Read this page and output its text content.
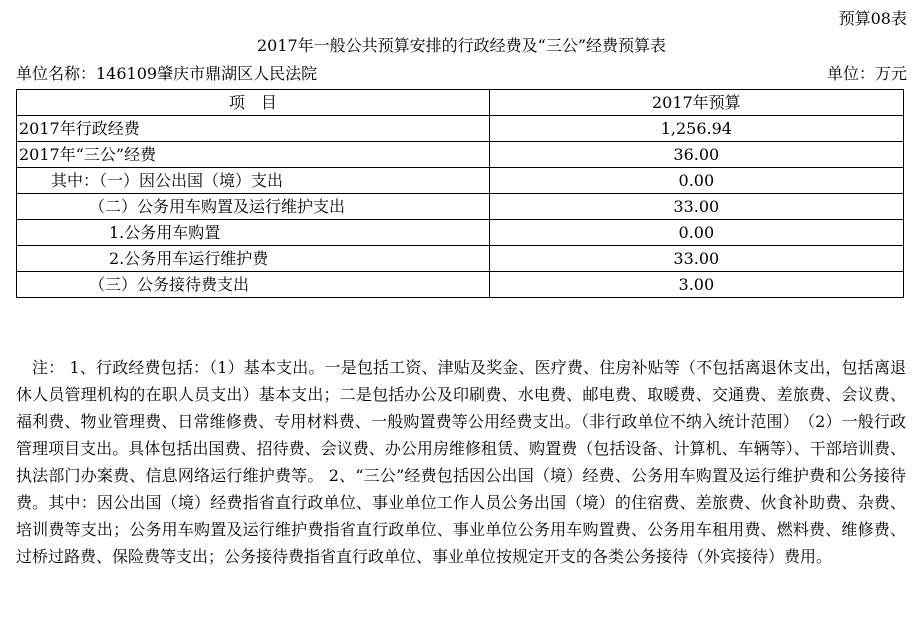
预算08表
2017年一般公共预算安排的行政经费及“三公”经费预算表
单位名称：146109肇庆市鼎湖区人民法院	单位：万元
项　目	2017年预算
2017年行政经费	1,256.94
2017年“三公”经费	36.00
其中：（一）因公出国（境）支出	0.00
（二）公务用车购置及运行维护支出	33.00
1.公务用车购置	0.00
2.公务用车运行维护费	33.00
（三）公务接待费支出	3.00
注： 1、行政经费包括：（1）基本支出。一是包括工资、津贴及奖金、医疗费、住房补贴等（不包括离退休支出，包括离退休人员管理机构的在职人员支出）基本支出；二是包括办公及印刷费、水电费、邮电费、取暖费、交通费、差旅费、会议费、福利费、物业管理费、日常维修费、专用材料费、一般购置费等公用经费支出。（非行政单位不纳入统计范围）　（2）一般行政管理项目支出。具体包括出国费、招待费、会议费、办公用房维修租赁、购置费（包括设备、计算机、车辆等）、干部培训费、执法部门办案费、信息网络运行维护费等。 2、“三公”经费包括因公出国（境）经费、公务用车购置及运行维护费和公务接待费。其中：因公出国（境）经费指省直行政单位、事业单位工作人员公务出国（境）的住宿费、差旅费、伙食补助费、杂费、培训费等支出；公务用车购置及运行维护费指省直行政单位、事业单位公务用车购置费、公务用车租用费、燃料费、维修费、过桥过路费、保险费等支出；公务接待费指省直行政单位、事业单位按规定开支的各类公务接待（外宾接待）费用。
